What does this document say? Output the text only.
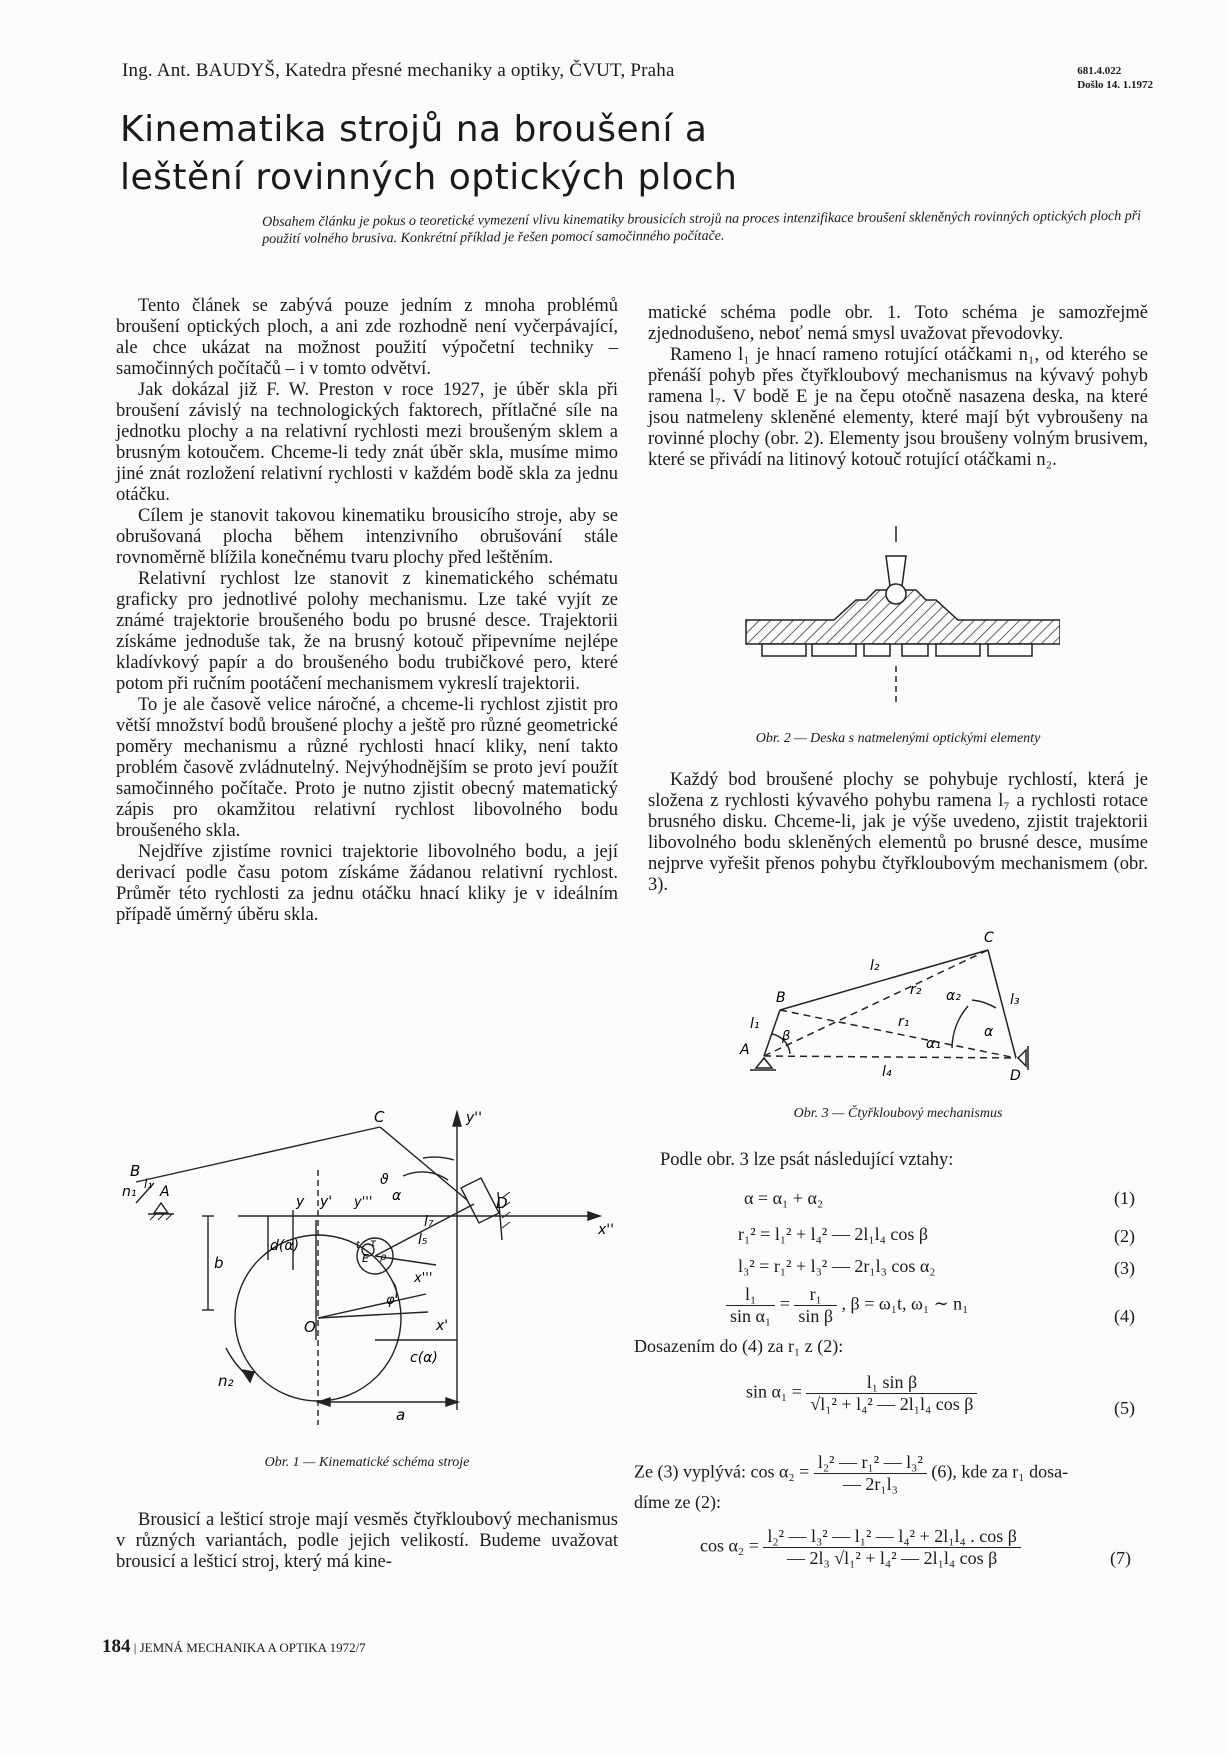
Ing. Ant. BAUDYŠ, Katedra přesné mechaniky a optiky, ČVUT, Praha	681.4.022
Došlo 14. 1.1972
Kinematika strojů na broušení a leštění rovinných optických ploch
Obsahem článku je pokus o teoretické vymezení vlivu kinematiky brousicích strojů na proces intenzifikace broušení skleněných rovinných optických ploch při použití volného brusiva. Konkrétní příklad je řešen pomocí samočinného počítače.

Tento článek se zabývá pouze jedním z mnoha problémů broušení optických ploch, a ani zde rozhodně není vyčerpávající, ale chce ukázat na možnost použití výpočetní techniky – samočinných počítačů – i v tomto odvětví.

Jak dokázal již F. W. Preston v roce 1927, je úběr skla při broušení závislý na technologických faktorech, přítlačné síle na jednotku plochy a na relativní rychlosti mezi broušeným sklem a brusným kotoučem. Chceme-li tedy znát úběr skla, musíme mimo jiné znát rozložení relativní rychlosti v každém bodě skla za jednu otáčku.

Cílem je stanovit takovou kinematiku brousicího stroje, aby se obrušovaná plocha během intenzivního obrušování stále rovnoměrně blížila konečnému tvaru plochy před leštěním.

Relativní rychlost lze stanovit z kinematického schématu graficky pro jednotlivé polohy mechanismu. Lze také vyjít ze známé trajektorie broušeného bodu po brusné desce. Trajektorii získáme jednoduše tak, že na brusný kotouč připevníme nejlépe kladívkový papír a do broušeného bodu trubičkové pero, které potom při ručním pootáčení mechanismem vykreslí trajektorii.

To je ale časově velice náročné, a chceme-li rychlost zjistit pro větší množství bodů broušené plochy a ještě pro různé geometrické poměry mechanismu a různé rychlosti hnací kliky, není takto problém časově zvládnutelný. Nejvýhodnějším se proto jeví použít samočinného počítače. Proto je nutno zjistit obecný matematický zápis pro okamžitou relativní rychlost libovolného bodu broušeného skla.

Nejdříve zjistíme rovnici trajektorie libovolného bodu, a její derivací podle času potom získáme žádanou relativní rychlost. Průměr této rychlosti za jednu otáčku hnací kliky je v ideálním případě úměrný úběru skla.

B
C
D
A
n₁ l₁
O
n₂
b
a
d(α)
c(α)
y y'
y''
y'''
x'
x''
x'''
l₅
l₇
α
ϑ
φ
E
t
ρ
τ
Obr. 1 — Kinematické schéma stroje

Brousicí a lešticí stroje mají vesměs čtyřkloubový mechanismus v různých variantách, podle jejich velikostí. Budeme uvažovat brousicí a lešticí stroj, který má kine-

matické schéma podle obr. 1. Toto schéma je samozřejmě zjednodušeno, neboť nemá smysl uvažovat převodovky.

Rameno l₁ je hnací rameno rotující otáčkami n₁, od kterého se přenáší pohyb přes čtyřkloubový mechanismus na kývavý pohyb ramena l₇. V bodě E je na čepu otočně nasazena deska, na které jsou natmeleny skleněné elementy, které mají být vybroušeny na rovinné plochy (obr. 2). Elementy jsou broušeny volným brusivem, které se přivádí na litinový kotouč rotující otáčkami n₂.

Obr. 2 — Deska s natmelenými optickými elementy

Každý bod broušené plochy se pohybuje rychlostí, která je složena z rychlosti kývavého pohybu ramena l₇ a rychlosti rotace brusného disku. Chceme-li, jak je výše uvedeno, zjistit trajektorii libovolného bodu skleněných elementů po brusné desce, musíme nejprve vyřešit přenos pohybu čtyřkloubovým mechanismem (obr. 3).

A
B
C
D
l₁
l₂
l₃
l₄
r₁
r₂
α
α₁
α₂
β
Obr. 3 — Čtyřkloubový mechanismus
Podle obr. 3 lze psát následující vztahy:
α = α₁ + α₂	(1)
r₁² = l₁² + l₄² — 2l₁l₄ cos β	(2)
l₃² = r₁² + l₃² — 2r₁l₃ cos α₂	(3)
$\frac{\text{l₁}}{\text{sin α₁}} = \frac{\text{r₁}}{\text{sin β}}$ , β = ω₁t, ω₁ ∼ n₁
(4)
Dosazením do (4) za r₁ z (2):
$\sin \alpha_1 = \frac{\text{l₁ sin β}}{\text{√l₁² + l₄² — 2l₁l₄ cos β}}$	(5)
Ze (3) vyplývá: $\cos \alpha_2 = \frac{\text{l₂² — r₁² — l₃²}}{\text{— 2r₁l₃}} (6)$, kde za r₁ dosa-
díme ze (2):
$\cos \alpha_2 = \frac{\text{l₂² — l₃² — l₁² — l₄² + 2l₁l₄ . cos β}}{\text{— 2l₃ √l₁² + l₄² — 2l₁l₄ cos β}}$	(7)
184 | JEMNÁ MECHANIKA A OPTIKA 1972/7
